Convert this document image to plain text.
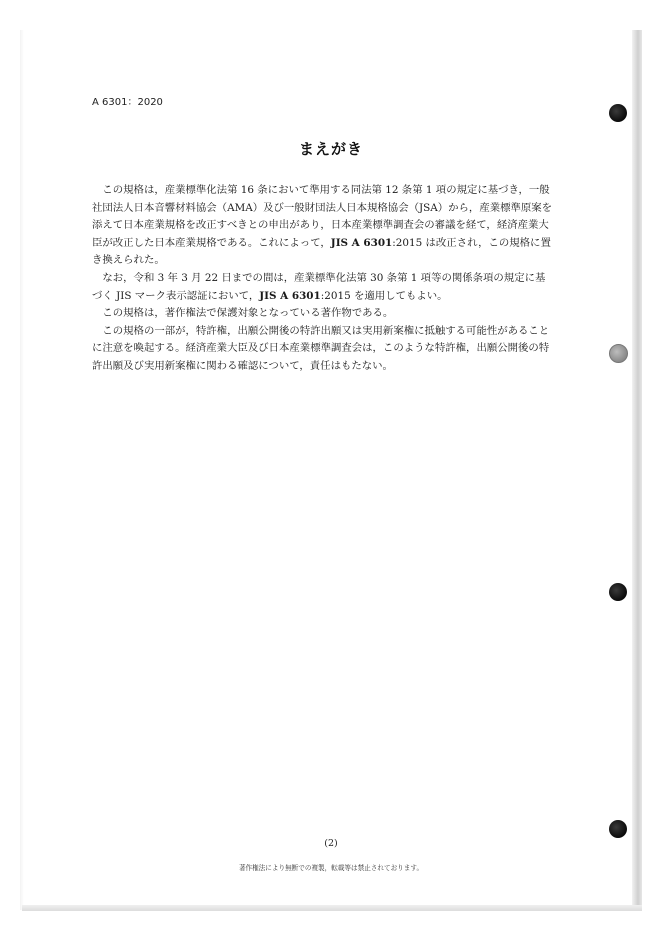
A 6301：2020
まえがき

この規格は，産業標準化法第 16 条において準用する同法第 12 条第 1 項の規定に基づき，一般社団法人日本音響材料協会（AMA）及び一般財団法人日本規格協会（JSA）から，産業標準原案を添えて日本産業規格を改正すべきとの申出があり，日本産業標準調査会の審議を経て，経済産業大臣が改正した日本産業規格である。これによって，JIS A 6301:2015 は改正され，この規格に置き換えられた。

なお，令和 3 年 3 月 22 日までの間は，産業標準化法第 30 条第 1 項等の関係条項の規定に基づく JIS マーク表示認証において，JIS A 6301:2015 を適用してもよい。

この規格は，著作権法で保護対象となっている著作物である。

この規格の一部が，特許権，出願公開後の特許出願又は実用新案権に抵触する可能性があることに注意を喚起する。経済産業大臣及び日本産業標準調査会は，このような特許権，出願公開後の特許出願及び実用新案権に関わる確認について，責任はもたない。

(2)
著作権法により無断での複製，転載等は禁止されております。
